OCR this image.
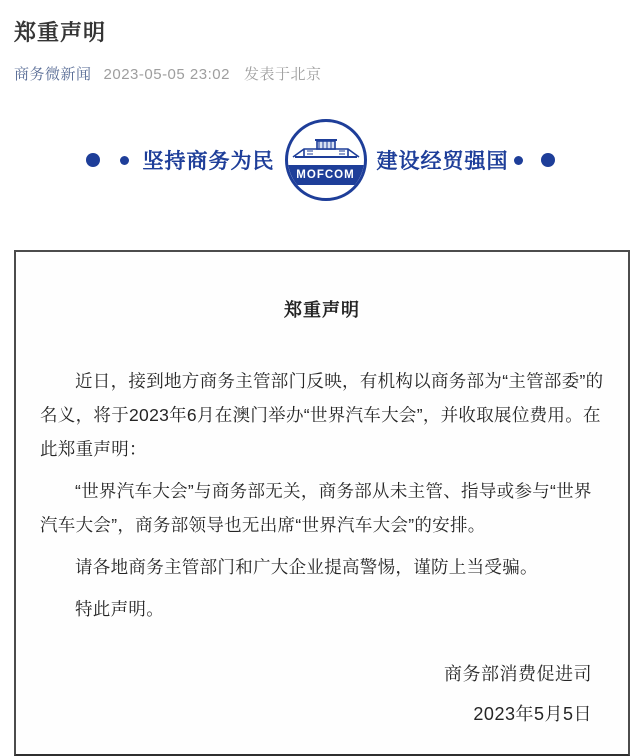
郑重声明
商务微新闻 2023-05-05 23:02 发表于北京
坚持商务为民
MOFCOM
建设经贸强国
郑重声明

近日，接到地方商务主管部门反映，有机构以商务部为“主管部委”的名义，将于2023年6月在澳门举办“世界汽车大会”，并收取展位费用。在此郑重声明：

“世界汽车大会”与商务部无关，商务部从未主管、指导或参与“世界汽车大会”，商务部领导也无出席“世界汽车大会”的安排。

请各地商务主管部门和广大企业提高警惕，谨防上当受骗。

特此声明。

商务部消费促进司
2023年5月5日
